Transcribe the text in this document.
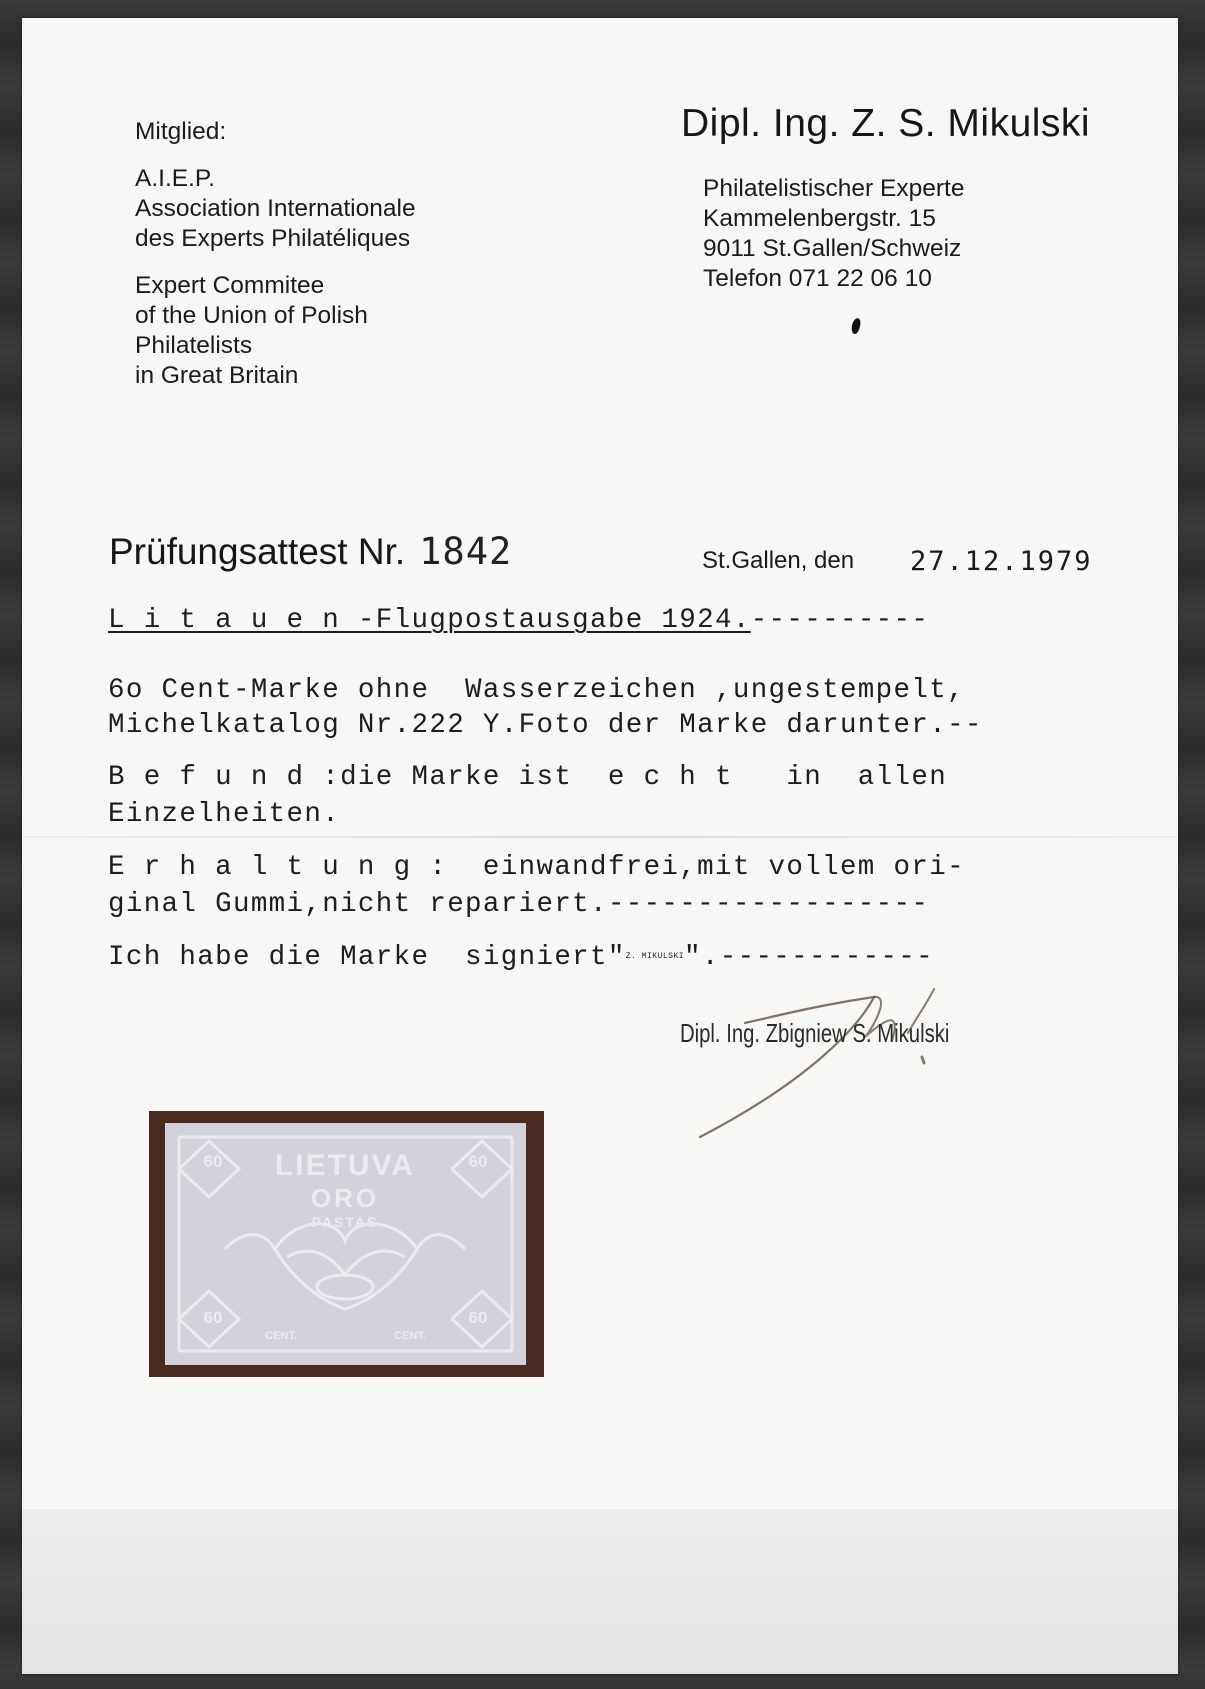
Mitglied:
A.I.E.P.
Association Internationale
des Experts Philatéliques
Expert Commitee
of the Union of Polish
Philatelists
in Great Britain
Dipl. Ing. Z. S. Mikulski
Philatelistischer Experte
Kammelenbergstr. 15
9011 St.Gallen/Schweiz
Telefon 071 22 06 10
Prüfungsattest Nr. 1842	St.Gallen, den 27.12.1979
L i t a u e n -Flugpostausgabe 1924.----------
6o Cent-Marke ohne  Wasserzeichen ,ungestempelt,
Michelkatalog Nr.222 Y.Foto der Marke darunter.--
B e f u n d :die Marke ist  e c h t   in  allen
Einzelheiten.
E r h a l t u n g :  einwandfrei,mit vollem ori-
ginal Gummi,nicht repariert.------------------
Ich habe die Marke  signiert"$^{Z. MIKULSKI}$".------------
Dipl. Ing. Zbigniew S. Mikulski
60	60
60	60
LIETUVA
ORO
PASTAS
CENT.	CENT.
